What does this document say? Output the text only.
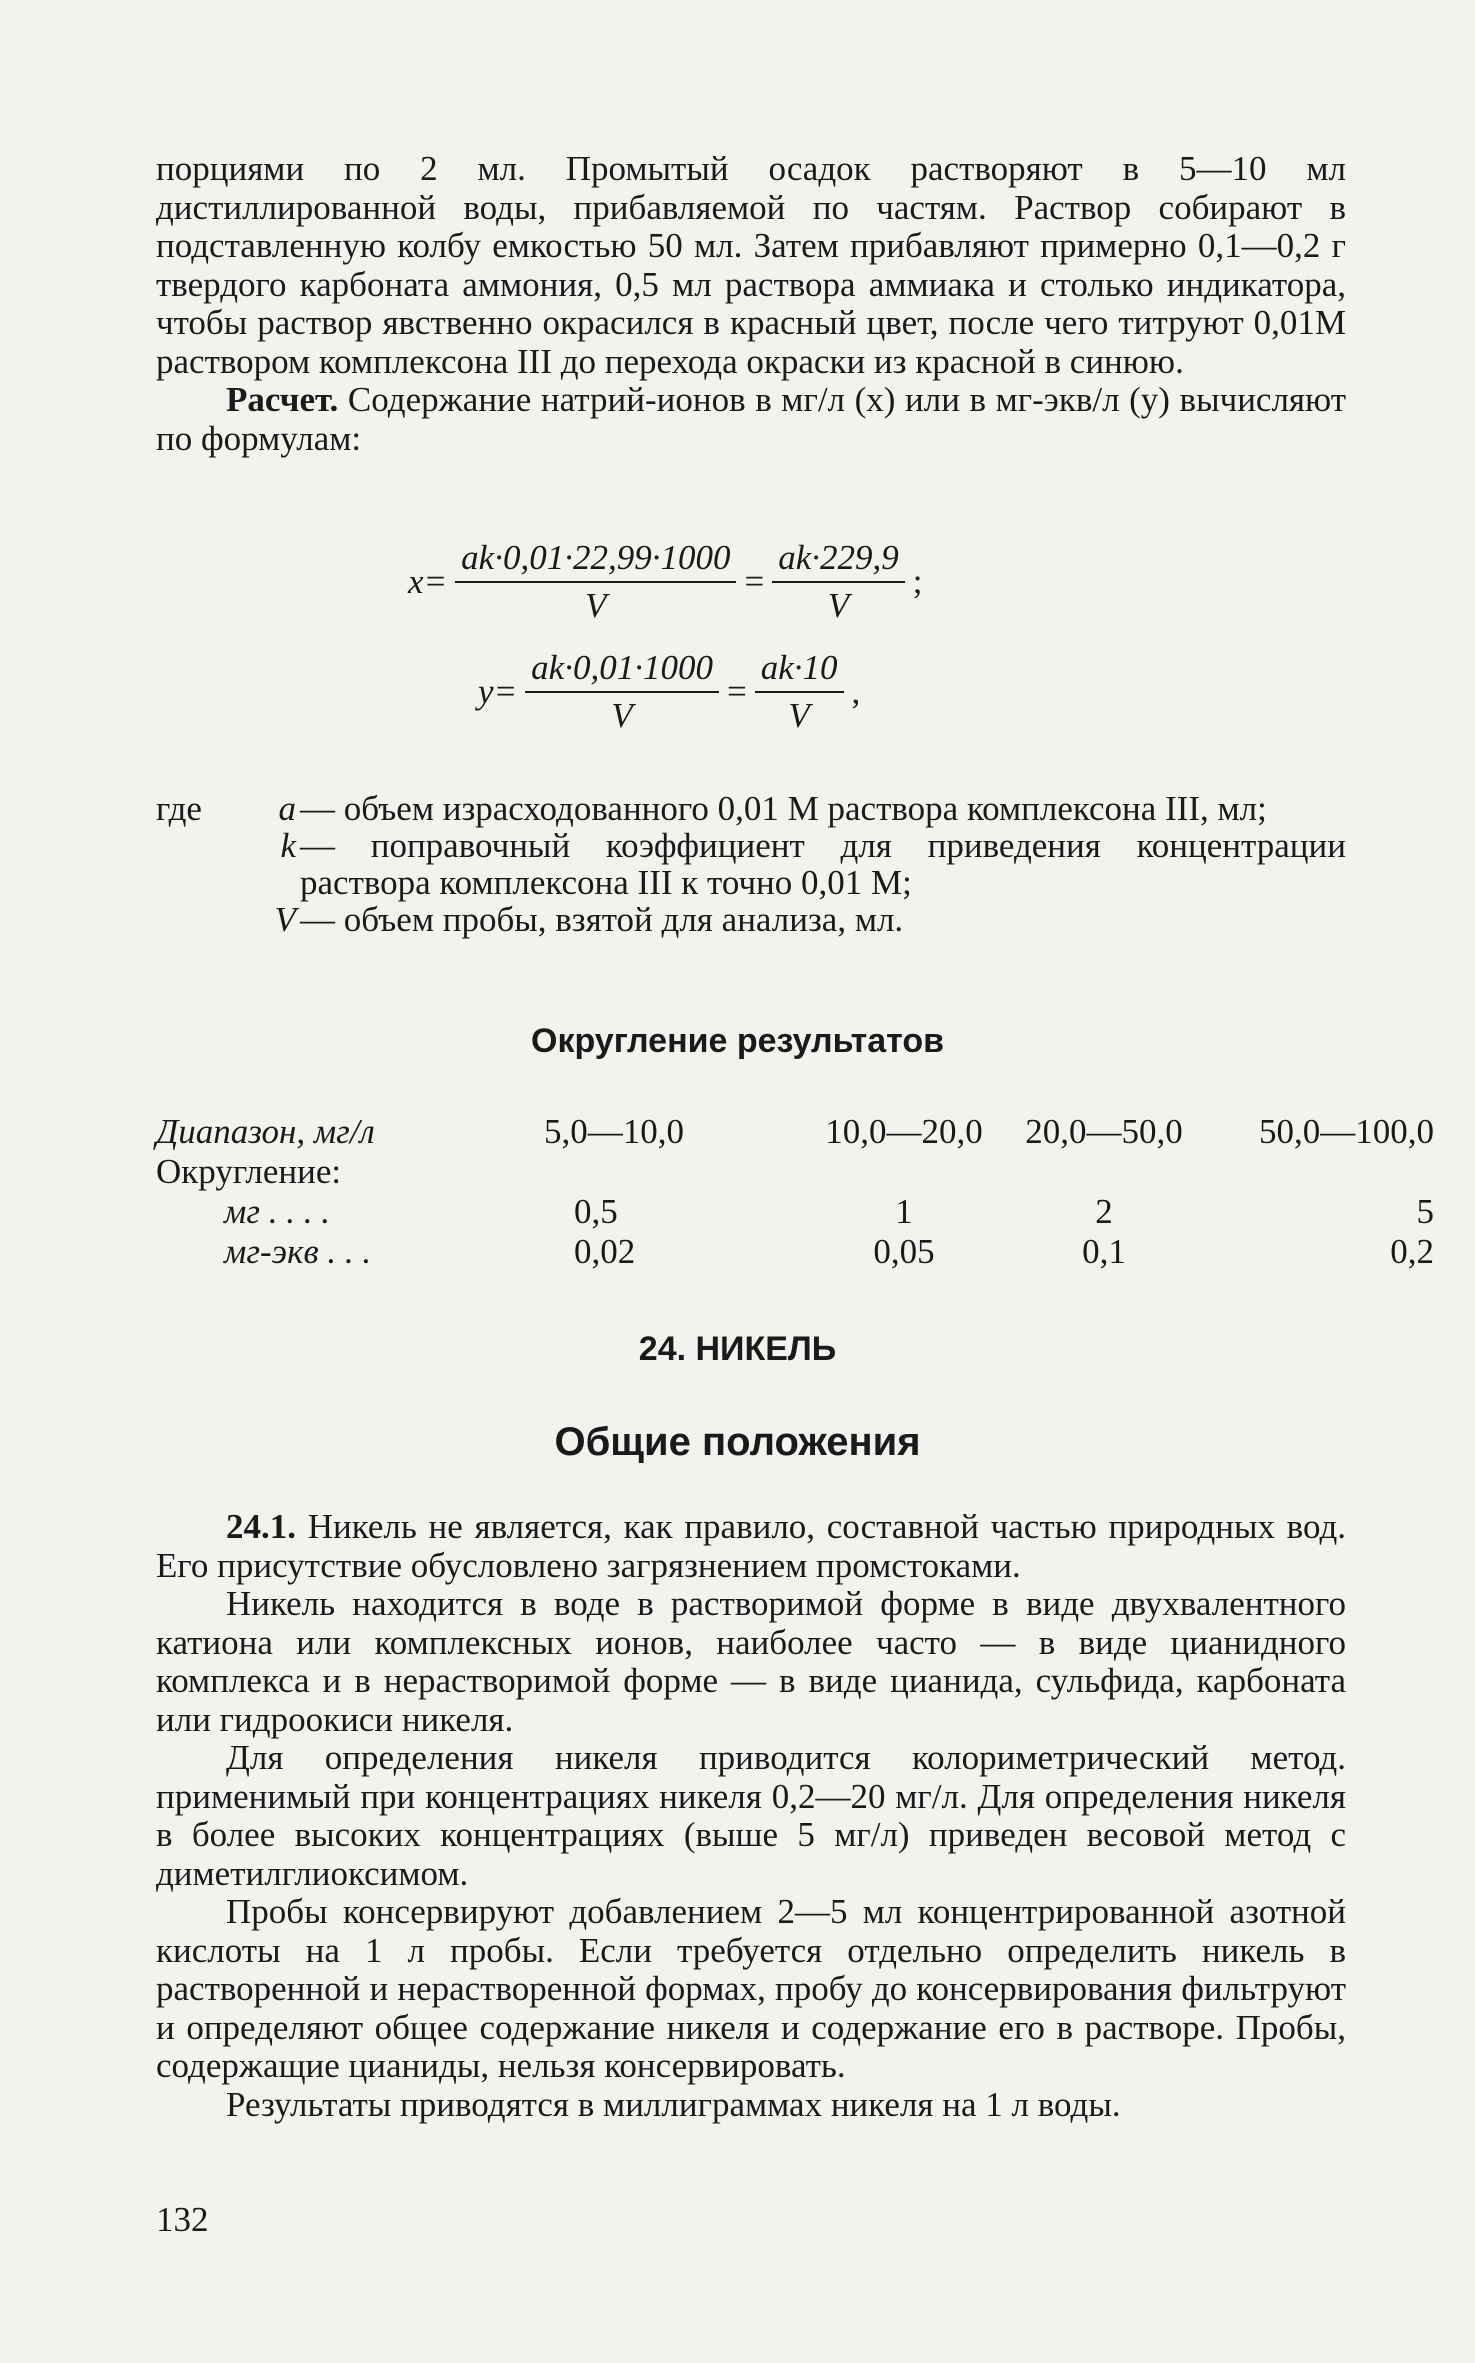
порциями по 2 мл. Промытый осадок растворяют в 5—10 мл дистиллированной воды, прибавляемой по частям. Раствор собирают в подставленную колбу емкостью 50 мл. Затем прибавляют примерно 0,1—0,2 г твердого карбоната аммония, 0,5 мл раствора аммиака и столько индикатора, чтобы раствор явственно окрасился в красный цвет, после чего титруют 0,01М раствором комплексона III до перехода окраски из красной в синюю.

Расчет. Содержание натрий-ионов в мг/л (x) или в мг-экв/л (y) вычисляют по формулам:

$x= \frac{ak\cdot 0,01\cdot 22,99\cdot 1000}{V} = \frac{ak\cdot 229,9}{V}$ ;
$y= \frac{ak\cdot 0,01\cdot 1000}{V} = \frac{ak\cdot 10}{V}$ ,
где	a — объем израсходованного 0,01 М раствора комплексона III, мл;
k — поправочный коэффициент для приведения концентрации раствора комплексона III к точно 0,01 М;
V — объем пробы, взятой для анализа, мл.
Округление результатов
Диапазон, мг/л	5,0—10,0	10,0—20,0	20,0—50,0	50,0—100,0
Округление:				
мг . . . .	0,5	1	2	5
мг-экв . . .	0,02	0,05	0,1	0,2
24. НИКЕЛЬ
Общие положения

24.1. Никель не является, как правило, составной частью природных вод. Его присутствие обусловлено загрязнением промстоками.

Никель находится в воде в растворимой форме в виде двухвалентного катиона или комплексных ионов, наиболее часто — в виде цианидного комплекса и в нерастворимой форме — в виде цианида, сульфида, карбоната или гидроокиси никеля.

Для определения никеля приводится колориметрический метод. применимый при концентрациях никеля 0,2—20 мг/л. Для определения никеля в более высоких концентрациях (выше 5 мг/л) приведен весовой метод с диметилглиоксимом.

Пробы консервируют добавлением 2—5 мл концентрированной азотной кислоты на 1 л пробы. Если требуется отдельно определить никель в растворенной и нерастворенной формах, пробу до консервирования фильтруют и определяют общее содержание никеля и содержание его в растворе. Пробы, содержащие цианиды, нельзя консервировать.

Результаты приводятся в миллиграммах никеля на 1 л воды.

132
